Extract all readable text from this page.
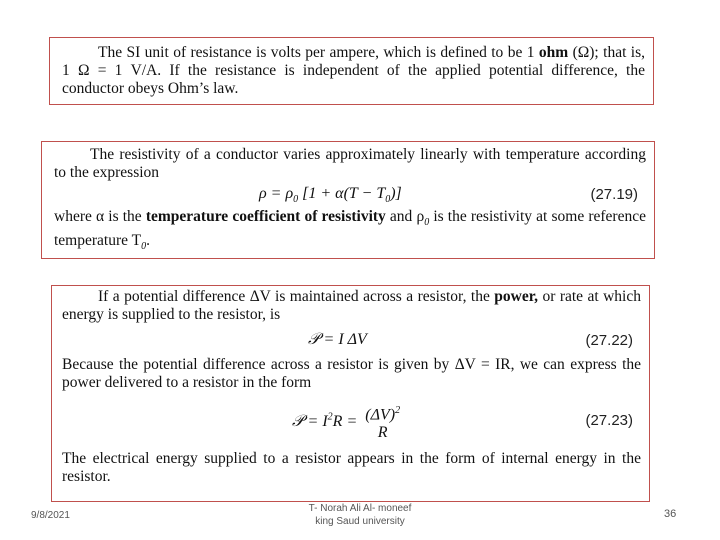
The SI unit of resistance is volts per ampere, which is defined to be 1 ohm (Ω); that is, 1 Ω = 1 V/A. If the resistance is independent of the applied potential difference, the conductor obeys Ohm’s law.

The resistivity of a conductor varies approximately linearly with temperature according to the expression

$\rho = \rho_0$ $[1 + \alpha(T - T_0)]$	(27.19)

where α is the temperature coefficient of resistivity and $\rho_0$ is the resistivity at some reference temperature $T_0$.

If a potential difference ΔV is maintained across a resistor, the power, or rate at which energy is supplied to the resistor, is

𝒫 = I ΔV	(27.22)

Because the potential difference across a resistor is given by ΔV = IR, we can express the power delivered to a resistor in the form

𝒫 = $I^2R = (\Delta V)^2$
R
(27.23)

The electrical energy supplied to a resistor appears in the form of internal energy in the resistor.

9/8/2021
T- Norah Ali Al- moneef
king Saud university
36
